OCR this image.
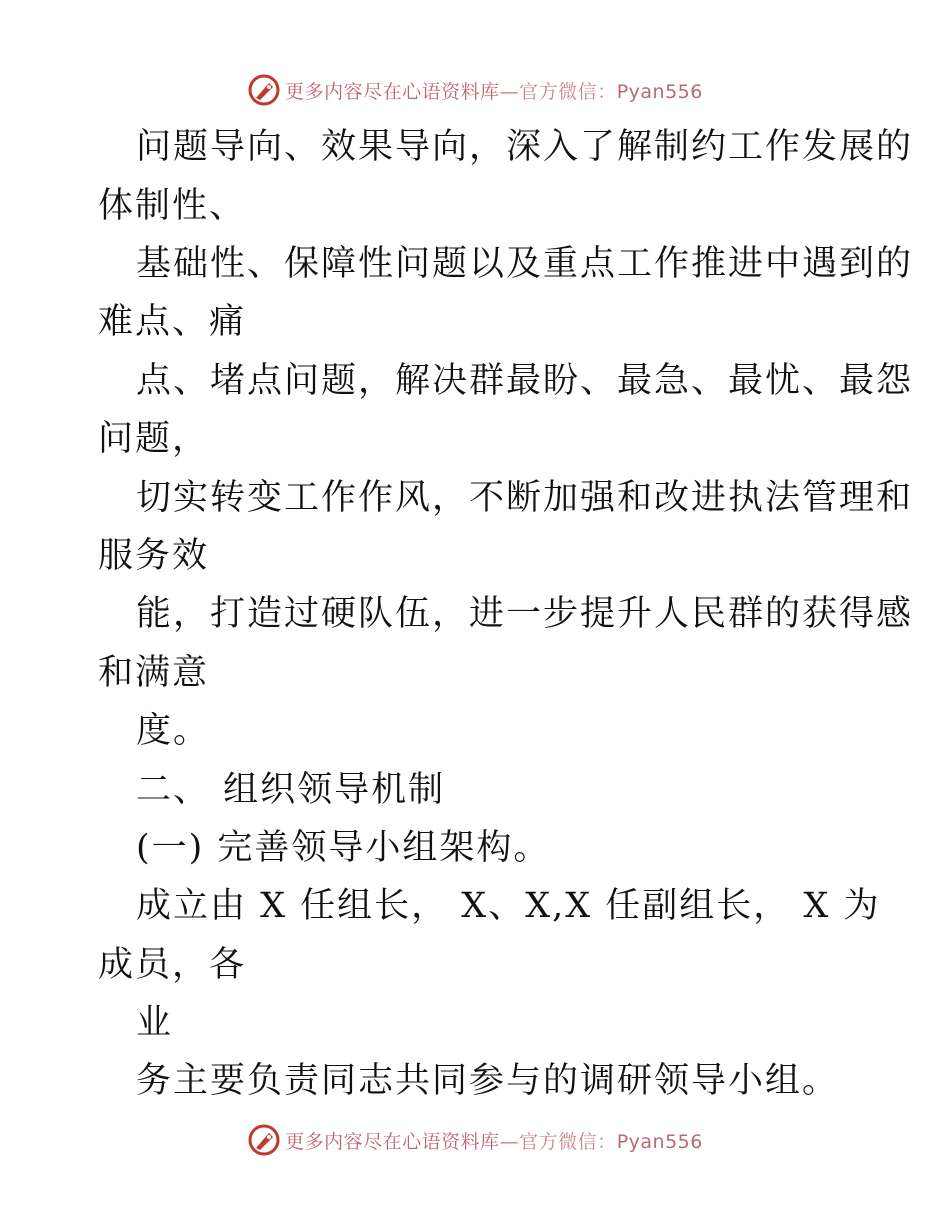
更多内容尽在心语资料库—官方微信：Pyan556
问题导向、效果导向，深入了解制约工作发展的
体制性、
基础性、保障性问题以及重点工作推进中遇到的
难点、痛
点、堵点问题，解决群最盼、最急、最忧、最怨
问题，
切实转变工作作风，不断加强和改进执法管理和
服务效
能，打造过硬队伍，进一步提升人民群的获得感
和满意
度。
二、 组织领导机制
(一) 完善领导小组架构。
成立由 X 任组长， X、X,X 任副组长， X 为
成员，各
业
务主要负责同志共同参与的调研领导小组。
更多内容尽在心语资料库—官方微信：Pyan556
